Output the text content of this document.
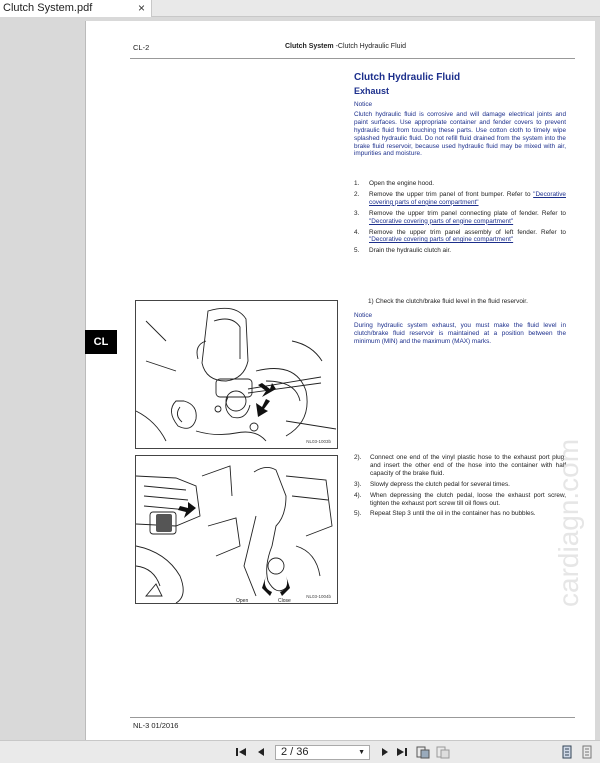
Clutch System.pdf	×
CL
CL-2	Clutch System -Clutch Hydraulic Fluid
Clutch Hydraulic Fluid
Exhaust
Notice
Clutch hydraulic fluid is corrosive and will damage electrical joints and paint surfaces. Use appropriate container and fender covers to prevent hydraulic fluid from touching these parts. Use cotton cloth to timely wipe splashed hydraulic fluid. Do not refill fluid drained from the system into the brake fluid reservoir, because used hydraulic fluid may be mixed with air, impurities and moisture.
1. Open the engine hood.
2. Remove the upper trim panel of front bumper. Refer to "Decorative covering parts of engine compartment"
3. Remove the upper trim panel connecting plate of fender. Refer to "Decorative covering parts of engine compartment"
4. Remove the upper trim panel assembly of left fender. Refer to "Decorative covering parts of engine compartment"
5. Drain the hydraulic clutch air.
1) Check the clutch/brake fluid level in the fluid reservoir.
Notice
During hydraulic system exhaust, you must make the fluid level in clutch/brake fluid reservoir is maintained at a position between the minimum (MIN) and the maximum (MAX) marks.
NL03-1003b
2). Connect one end of the vinyl plastic hose to the exhaust port plug, and insert the other end of the hose into the container with half capacity of the brake fluid.
3). Slowly depress the clutch pedal for several times.
4). When depressing the clutch pedal, loose the exhaust port screw, tighten the exhaust port screw till oil flows out.
5). Repeat Step 3 until the oil in the container has no bubbles.
Open	Close
NL03-1004b	cardiagn.com
NL-3 01/2016
2 / 36	▼
